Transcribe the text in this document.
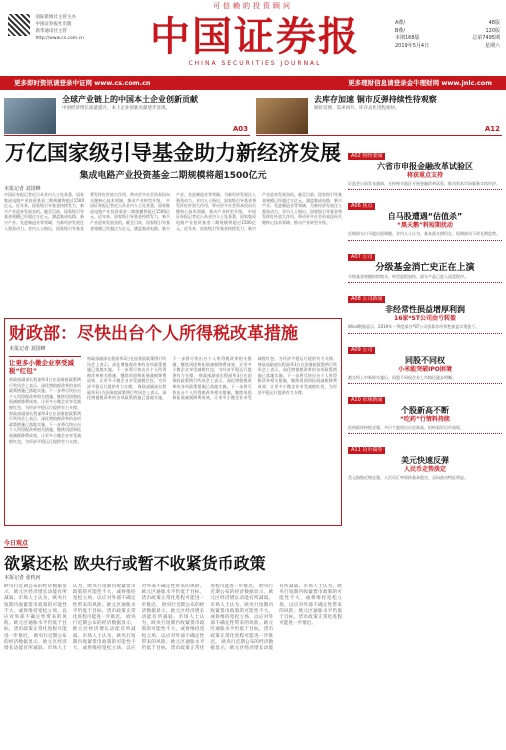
可信赖的投资顾问

国际新闻社主管主办
中国证券报社出版
新华通讯社主管
http://www.cs.com.cn	中国证券报
CHINA SECURITIES JOURNAL
A叠/	48版
B叠/	120版
本期168版	总第7495期
2019年5月4日	星期六
更多即时资讯请登录中证网 www.cs.com.cn	更多理财信息请登录金牛理财网 www.jnlc.com
全球产业链上的中国本土企业创新贡献

中国经济增长质量提升，本土企业创新贡献逐步显现。

A03
去库存加速 铜市反弹持续性待观察

铜价反弹，需求回升，库存去化进程加快。

A12
万亿国家级引导基金助力新经济发展
集成电路产业投资基金二期规模将超1500亿元
本报记者 刘国峰
中国证券报记者近日从业内人士处获悉，国家集成电路产业投资基金二期规模将超过1500亿元。近年来，国家级引导基金持续发力，新兴产业迎来发展良机。截至目前，国家级引导基金规模已经超过万亿元，涵盖集成电路、新兴产业、先进制造业等领域，为新经济发展注入强劲动力。业内人士指出，国家级引导基金将发挥杠杆放大作用，带动更多社会资本投向关键核心技术领域，推动产业转型升级。 中国证券报记者近日从业内人士处获悉，国家集成电路产业投资基金二期规模将超过1500亿元。近年来，国家级引导基金持续发力，新兴产业迎来发展良机。截至目前，国家级引导基金规模已经超过万亿元，涵盖集成电路、新兴产业、先进制造业等领域，为新经济发展注入强劲动力。业内人士指出，国家级引导基金将发挥杠杆放大作用，带动更多社会资本投向关键核心技术领域，推动产业转型升级。 中国证券报记者近日从业内人士处获悉，国家集成电路产业投资基金二期规模将超过1500亿元。近年来，国家级引导基金持续发力，新兴产业迎来发展良机。截至目前，国家级引导基金规模已经超过万亿元，涵盖集成电路、新兴产业、先进制造业等领域，为新经济发展注入强劲动力。业内人士指出，国家级引导基金将发挥杠杆放大作用，带动更多社会资本投向关键核心技术领域，推动产业转型升级。
财政部：尽快出台个人所得税改革措施
本报记者 刘国峰
让更多小微企业享受减税“红包”
财政部副部长程丽华3日在国务院政策例行吹风会上表示，深化增值税改革的各项政策措施已落地实施。下一步将尽快出台个人所得税改革相关措施，继续巩固和拓展减税降费成效，让更多小微企业享受减税红包，为经济平稳运行提供有力支撑。财政部副部长程丽华3日在国务院政策例行吹风会上表示，深化增值税改革的各项政策措施已落地实施。下一步将尽快出台个人所得税改革相关措施，继续巩固和拓展减税降费成效，让更多小微企业享受减税红包，为经济平稳运行提供有力支撑。
财政部副部长程丽华3日在国务院政策例行吹风会上表示，深化增值税改革的各项政策措施已落地实施。下一步将尽快出台个人所得税改革相关措施，继续巩固和拓展减税降费成效，让更多小微企业享受减税红包，为经济平稳运行提供有力支撑。 财政部副部长程丽华3日在国务院政策例行吹风会上表示，深化增值税改革的各项政策措施已落地实施。下一步将尽快出台个人所得税改革相关措施，继续巩固和拓展减税降费成效，让更多小微企业享受减税红包，为经济平稳运行提供有力支撑。 财政部副部长程丽华3日在国务院政策例行吹风会上表示，深化增值税改革的各项政策措施已落地实施。下一步将尽快出台个人所得税改革相关措施，继续巩固和拓展减税降费成效，让更多小微企业享受减税红包，为经济平稳运行提供有力支撑。 财政部副部长程丽华3日在国务院政策例行吹风会上表示，深化增值税改革的各项政策措施已落地实施。下一步将尽快出台个人所得税改革相关措施，继续巩固和拓展减税降费成效，让更多小微企业享受减税红包，为经济平稳运行提供有力支撑。
今日观点
欲紧还松 欧央行或暂不收紧货币政策
本报记者 张枕河
欧央行近期公布的经济数据显示，欧元区经济增长动能有所减弱。市场人士认为，欧央行短期内收紧货币政策的可能性不大，或将维持宽松立场，以应对外部不确定性带来的风险。欧元区通胀水平仍低于目标，货币政策正常化进程可能进一步推迟。 欧央行近期公布的经济数据显示，欧元区经济增长动能有所减弱。市场人士认为，欧央行短期内收紧货币政策的可能性不大，或将维持宽松立场，以应对外部不确定性带来的风险。欧元区通胀水平仍低于目标，货币政策正常化进程可能进一步推迟。 欧央行近期公布的经济数据显示，欧元区经济增长动能有所减弱。市场人士认为，欧央行短期内收紧货币政策的可能性不大，或将维持宽松立场，以应对外部不确定性带来的风险。欧元区通胀水平仍低于目标，货币政策正常化进程可能进一步推迟。 欧央行近期公布的经济数据显示，欧元区经济增长动能有所减弱。市场人士认为，欧央行短期内收紧货币政策的可能性不大，或将维持宽松立场，以应对外部不确定性带来的风险。欧元区通胀水平仍低于目标，货币政策正常化进程可能进一步推迟。 欧央行近期公布的经济数据显示，欧元区经济增长动能有所减弱。市场人士认为，欧央行短期内收紧货币政策的可能性不大，或将维持宽松立场，以应对外部不确定性带来的风险。欧元区通胀水平仍低于目标，货币政策正常化进程可能进一步推迟。 欧央行近期公布的经济数据显示，欧元区经济增长动能有所减弱。市场人士认为，欧央行短期内收紧货币政策的可能性不大，或将维持宽松立场，以应对外部不确定性带来的风险。欧元区通胀水平仍低于目标，货币政策正常化进程可能进一步推迟。
A02 财经要闻
六省市申报金融改革试验区
将获重点支持
证监会日前发布通知，支持相关地区开展金融改革试验，推动资本市场服务实体经济。
A06 焦点
自马股遭遇“估值杀”
“黑天鹅”料短期扰动
近期部分白马股出现调整，业内人士认为，基本面支撑仍在，短期波动不改长期趋势。
A07 公司
分级基金消亡史正在上演
分级基金规模持续缩水，转型进程加快，部分产品已进入清盘程序。
A08 公司新闻
非经常性损益增厚利润
16家*ST公司由亏转盈
Wind数据显示，2019年一季度部分*ST公司依靠非经常性损益实现扭亏。
A09 公司
同股不同权
小米能突破IPO困境
港交所上市新规实施后，同股不同权企业上市路径逐步明晰。
A10 市场新闻
个股新高不断
“吃药”行情料持续
医药板块持续走强，多只个股创出历史新高，机构看好后市表现。
A11 货币债券
美元快速反弹
人民币走势淡定
美元指数近期走强，人民币汇率保持基本稳定，双向波动特征明显。
